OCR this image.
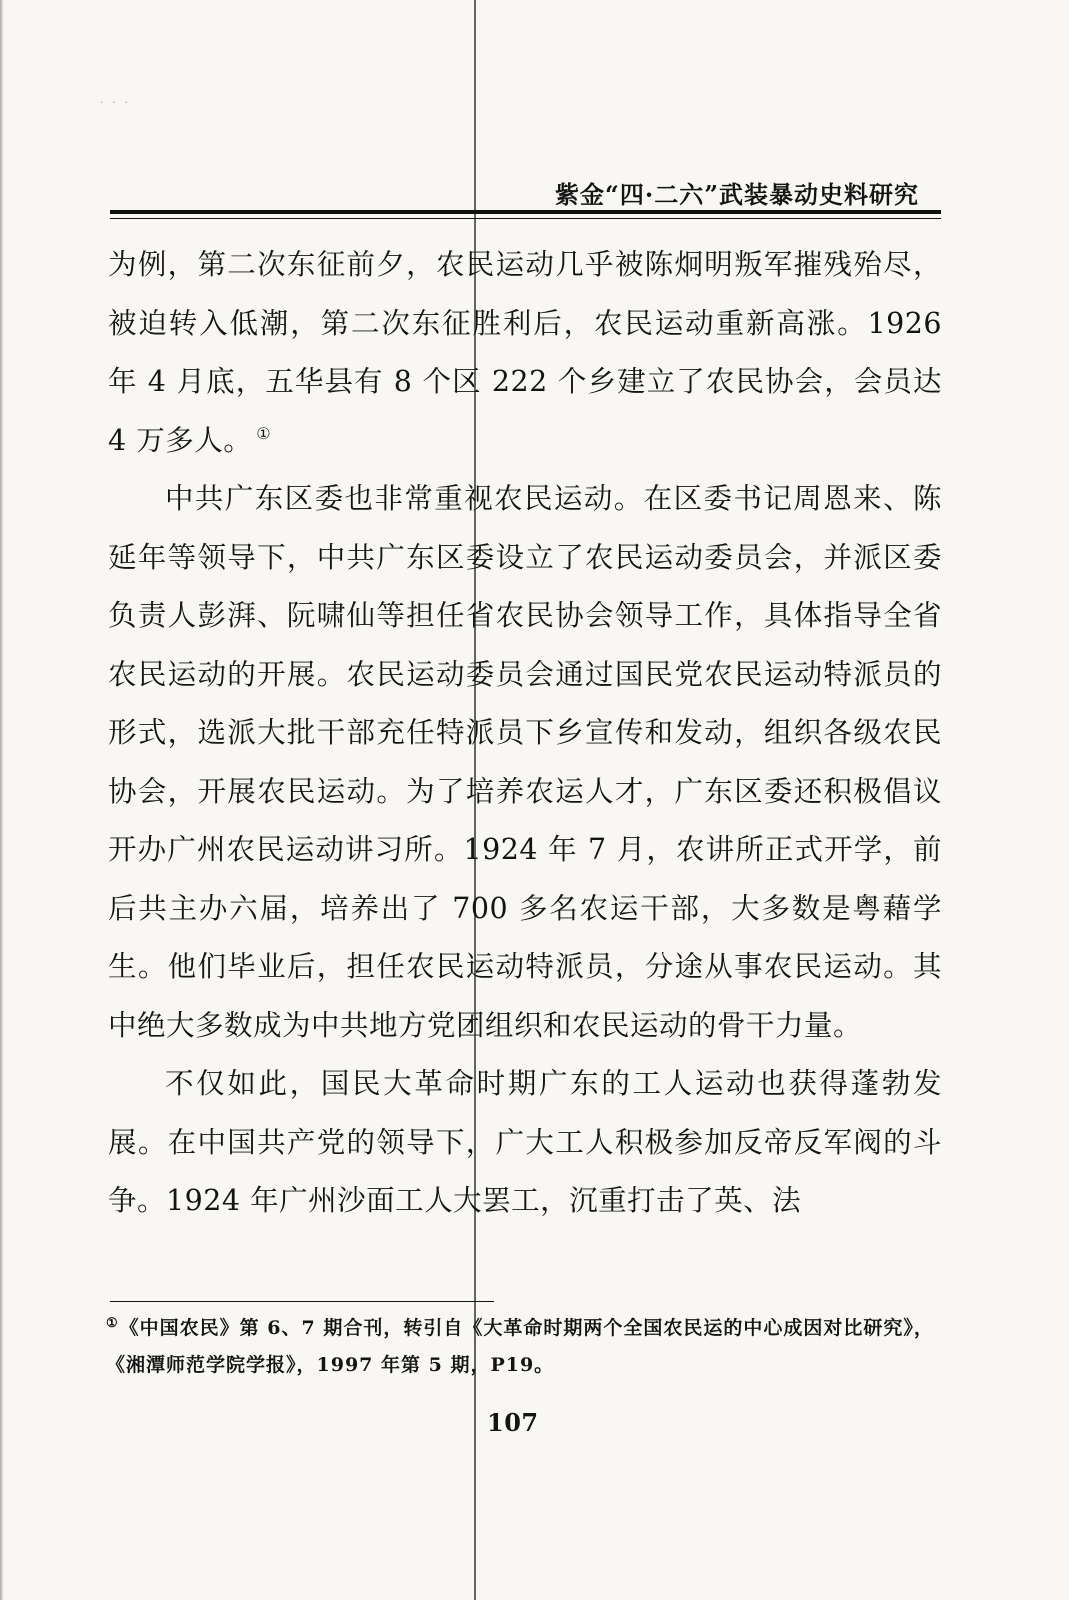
· · ·
紫金“四·二六”武装暴动史料研究

为例，第二次东征前夕，农民运动几乎被陈炯明叛军摧残殆尽，被迫转入低潮，第二次东征胜利后，农民运动重新高涨。1926 年 4 月底，五华县有 8 个区 222 个乡建立了农民协会，会员达 4 万多人。 ①

中共广东区委也非常重视农民运动。在区委书记周恩来、陈延年等领导下，中共广东区委设立了农民运动委员会，并派区委负责人彭湃、阮啸仙等担任省农民协会领导工作，具体指导全省农民运动的开展。农民运动委员会通过国民党农民运动特派员的形式，选派大批干部充任特派员下乡宣传和发动，组织各级农民协会，开展农民运动。为了培养农运人才，广东区委还积极倡议开办广州农民运动讲习所。1924 年 7 月，农讲所正式开学，前后共主办六届，培养出了 700 多名农运干部，大多数是粤藉学生。他们毕业后，担任农民运动特派员，分途从事农民运动。其中绝大多数成为中共地方党团组织和农民运动的骨干力量。

不仅如此，国民大革命时期广东的工人运动也获得蓬勃发展。在中国共产党的领导下，广大工人积极参加反帝反军阀的斗争。1924 年广州沙面工人大罢工，沉重打击了英、法

①《中国农民》第 6、7 期合刊，转引自《大革命时期两个全国农民运的中心成因对比研究》，《湘潭师范学院学报》，1997 年第 5 期，P19。
107
